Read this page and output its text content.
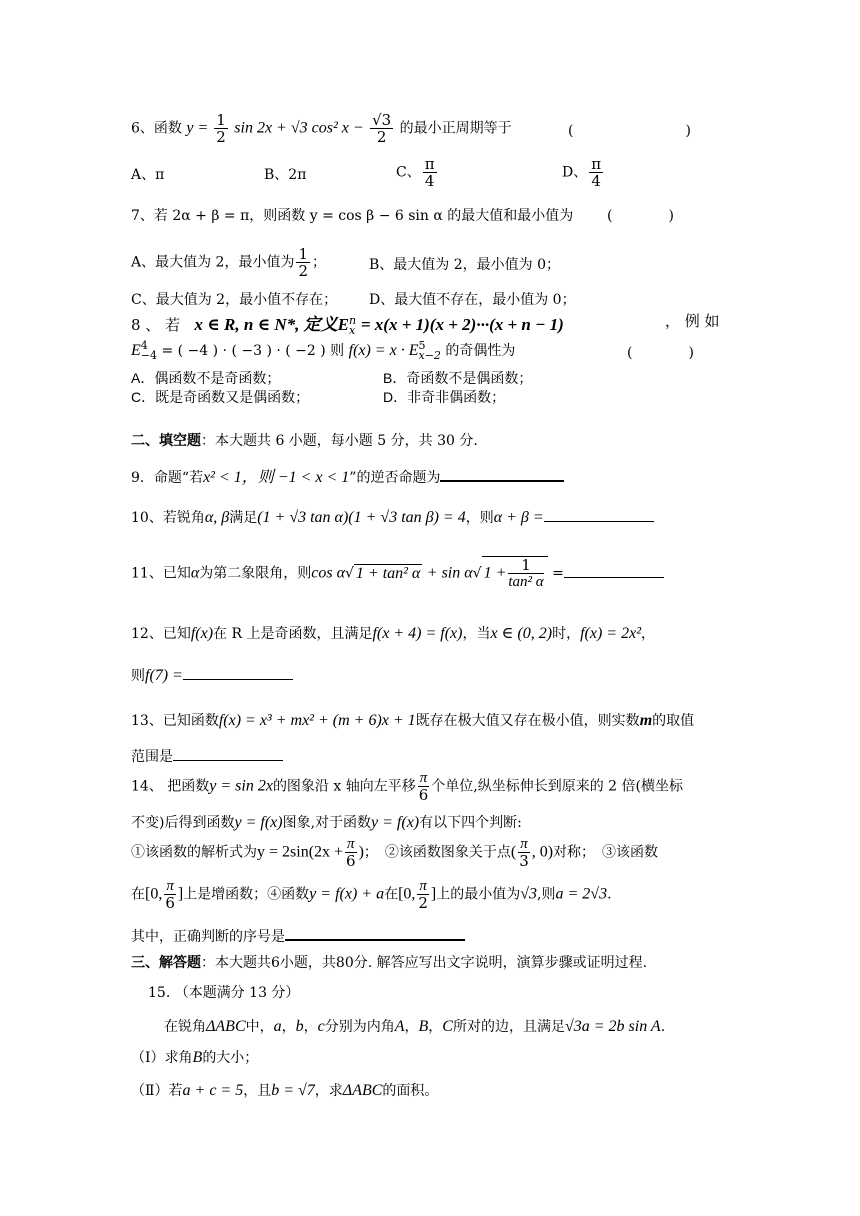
6、函数 $y = \frac{1}{2}$ sin 2x + √3 cos² $x - \frac{√3}{2}$ 的最小正周期等于	(　　　　　　　　)
A、π	B、2π	C、 $\frac{\pi}{4}$	D、 $\frac{\pi}{4}$
7、若 2α + β = π，则函数 y = cos β − 6 sin α 的最大值和最小值为 (　　　　)
A、最大值为 2，最小值为 $\frac{1}{2}$ ；	B、最大值为 2，最小值为 0；
C、最大值为 2，最小值不存在； D、最大值不存在，最小值为 0；
8 、 若 x ∈ R, n ∈ N*, 定义E n
x = x(x + 1)(x + 2)···(x + n − 1)	， 例 如
E 4
−4 = ( −4 ) · ( −3 ) · ( −2 ) 则 f(x) = x · E 5
x−2 的奇偶性为	(　　　　)
A．偶函数不是奇函数；	B．奇函数不是偶函数；
C．既是奇函数又是偶函数；	D．非奇非偶函数；
二、填空题：本大题共 6 小题，每小题 5 分，共 30 分.
9．命题“若x² < 1，则 −1 < x < 1”的逆否命题为
10、若锐角α, β满足(1 + √3 tan α)(1 + √3 tan β) = 4，则α + β =
11、已知α为第二象限角，则cos α√ 1 + tan² α + sin α√ $1 + \frac{1}{\text{tan² α}}$ =
12、已知f(x)在 R 上是奇函数，且满足f(x + 4) = f(x)，当x ∈ (0, 2)时，f(x) = 2x²，
则f(7) =
13、已知函数f(x) = x³ + mx² + (m + 6)x + 1既存在极大值又存在极小值，则实数m的取值
范围是
14、 把函数y = sin 2x的图象沿 x 轴向左平移 $\frac{\pi}{6}$ 个单位,纵坐标伸长到原来的 2 倍(横坐标
不变)后得到函数y = f(x)图象,对于函数y = f(x)有以下四个判断:
①该函数的解析式为$y = 2\sin(2x + \frac{\pi}{6}$ )；　②该函数图象关于点( $\frac{\pi}{3}$ , 0)对称；　③该函数
在[0, $\frac{\pi}{6}$ ]上是增函数；④函数y = f(x) + a在[0, $\frac{\pi}{2}$ ]上的最小值为√3,则a = 2√3.
其中，正确判断的序号是
三、解答题：本大题共6小题，共80分. 解答应写出文字说明，演算步骤或证明过程.
15. （本题满分 13 分）
在锐角ΔABC中，a，b，c分别为内角A，B，C所对的边，且满足√3a = 2b sin A.
（Ⅰ）求角B的大小；
（Ⅱ）若a + c = 5，且b = √7，求ΔABC的面积。
